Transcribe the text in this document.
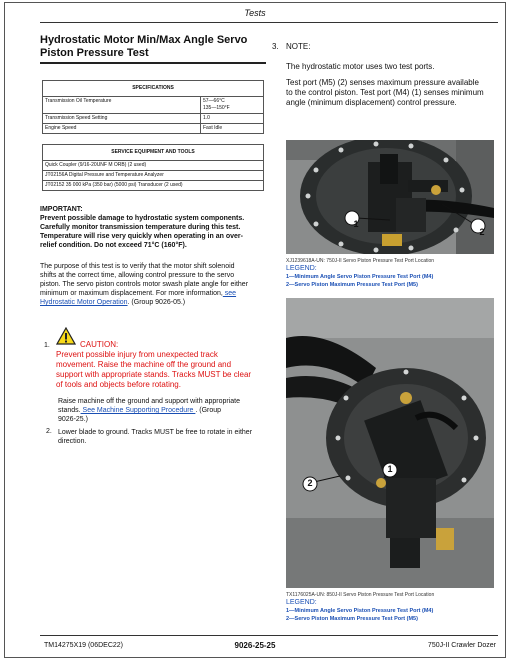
Tests
Hydrostatic Motor Min/Max Angle Servo
Piston Pressure Test
SPECIFICATIONS	
Transmission Oil Temperature	57—66°C
135—150°F

Transmission Speed Setting	1.0
Engine Speed	Fast Idle
SERVICE EQUIPMENT AND TOOLS
Quick Coupler (9/16-20UNF M ORB) (2 used)
JT02156A Digital Pressure and Temperature Analyzer
JT02152 35 000 kPa (350 bar) (5000 psi) Transducer (2 used)
IMPORTANT:
Prevent possible damage to hydrostatic system components.
Carefully monitor transmission temperature during this test.
Temperature will rise very quickly when operating in an over-
relief condition. Do not exceed 71°C (160°F).
The purpose of this test is to verify that the motor shift solenoid
shifts at the correct time, allowing control pressure to the servo
piston. The servo piston controls motor swash plate angle for either
minimum or maximum displacement. For more information, see
Hydrostatic Motor Operation. (Group 9026-05.)
1.	CAUTION:
Prevent possible injury from unexpected track
movement. Raise the machine off the ground and
support with appropriate stands. Tracks MUST be clear
of tools and objects before rotating.
Raise machine off the ground and support with appropriate
stands. See Machine Supporting Procedure . (Group
9026-25.)
2. Lower blade to ground. Tracks MUST be free to rotate in either
direction.
3. NOTE:
The hydrostatic motor uses two test ports.
Test port (M5) (2) senses maximum pressure available
to the control piston. Test port (M4) (1) senses minimum
angle (minimum displacement) control pressure.
1
2
XJ1239618A-UN: 750J-II Servo Piston Pressure Test Port Location
LEGEND:
1—Minimum Angle Servo Piston Pressure Test Port (M4)
2—Servo Piston Maximum Pressure Test Port (M5)
1
2
TX1176025A-UN: 850J-II Servo Piston Pressure Test Port Location
LEGEND:
1—Minimum Angle Servo Piston Pressure Test Port (M4)
2—Servo Piston Maximum Pressure Test Port (M5)
TM14275X19 (06DEC22)	9026-25-25	750J-II Crawler Dozer
